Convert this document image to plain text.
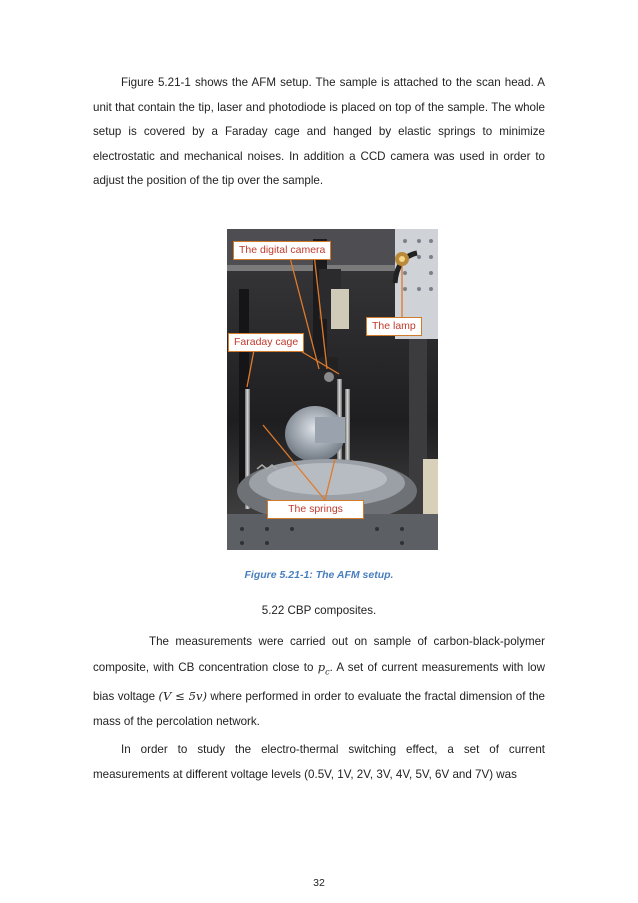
Figure 5.21-1 shows the AFM setup. The sample is attached to the scan head. A unit that contain the tip, laser and photodiode is placed on top of the sample. The whole setup is covered by a Faraday cage and hanged by elastic springs to minimize electrostatic and mechanical noises. In addition a CCD camera was used in order to adjust the position of the tip over the sample.

The digital camera
The lamp
Faraday cage
The springs
Figure 5.21-1: The AFM setup.
5.22 CBP composites.

The measurements were carried out on sample of carbon-black-polymer composite, with CB concentration close to $p_c$. A set of current measurements with low bias voltage (V ≤ 5v) where performed in order to evaluate the fractal dimension of the mass of the percolation network.

In order to study the electro-thermal switching effect, a set of current measurements at different voltage levels (0.5V, 1V, 2V, 3V, 4V, 5V, 6V and 7V) was

32
